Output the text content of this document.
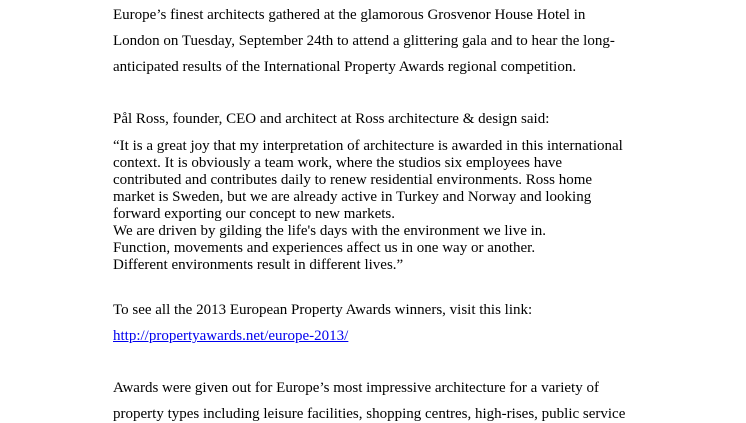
Europe’s finest architects gathered at the glamorous Grosvenor House Hotel in
London on Tuesday, September 24th to attend a glittering gala and to hear the long-
anticipated results of the International Property Awards regional competition.
Pål Ross, founder, CEO and architect at Ross architecture & design said:
“It is a great joy that my interpretation of architecture is awarded in this international
context. It is obviously a team work, where the studios six employees have
contributed and contributes daily to renew residential environments. Ross home
market is Sweden, but we are already active in Turkey and Norway and looking
forward exporting our concept to new markets.
We are driven by gilding the life's days with the environment we live in.
Function, movements and experiences affect us in one way or another.
Different environments result in different lives.”
To see all the 2013 European Property Awards winners, visit this link:
http://propertyawards.net/europe-2013/
Awards were given out for Europe’s most impressive architecture for a variety of
property types including leisure facilities, shopping centres, high-rises, public service
